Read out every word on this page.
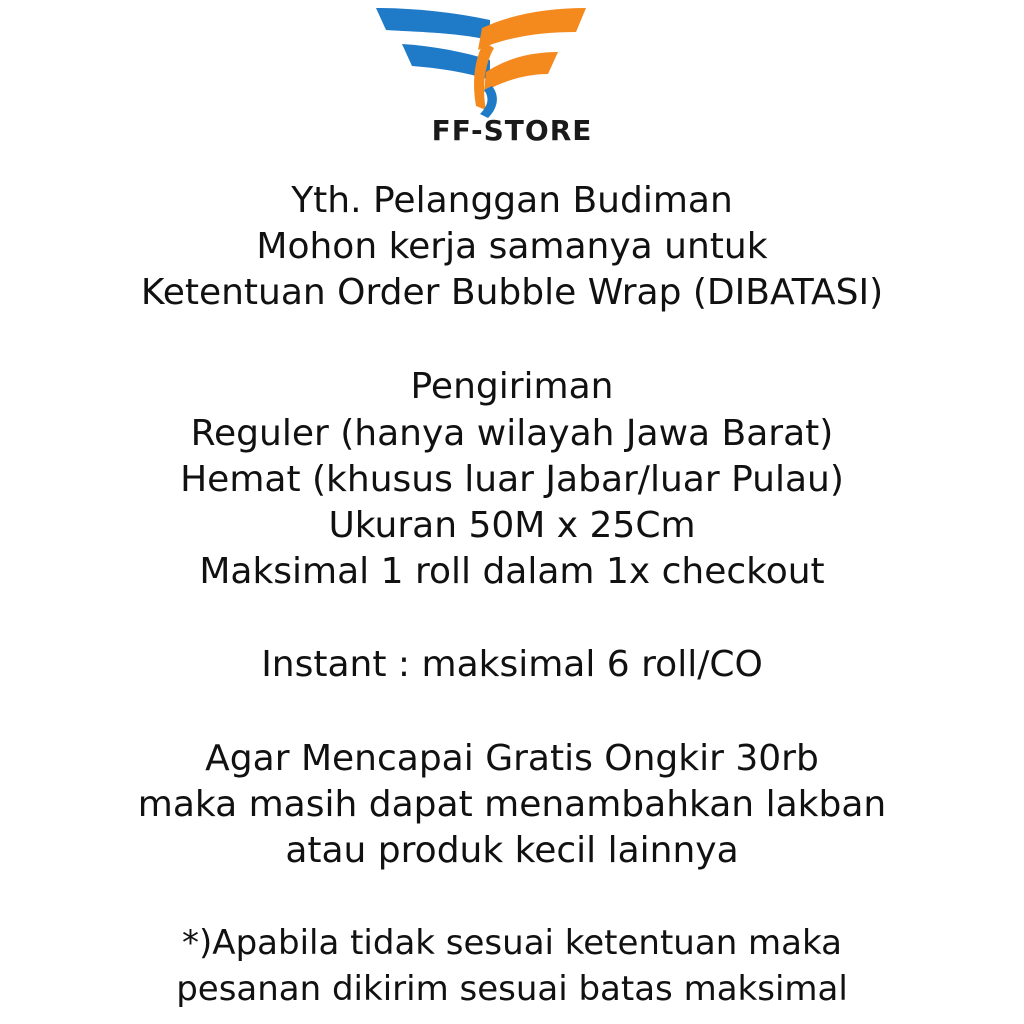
FF-STORE
Yth. Pelanggan Budiman
Mohon kerja samanya untuk
Ketentuan Order Bubble Wrap (DIBATASI)
Pengiriman
Reguler (hanya wilayah Jawa Barat)
Hemat (khusus luar Jabar/luar Pulau)
Ukuran 50M x 25Cm
Maksimal 1 roll dalam 1x checkout
Instant : maksimal 6 roll/CO
Agar Mencapai Gratis Ongkir 30rb
maka masih dapat menambahkan lakban
atau produk kecil lainnya
*)Apabila tidak sesuai ketentuan maka
pesanan dikirim sesuai batas maksimal
